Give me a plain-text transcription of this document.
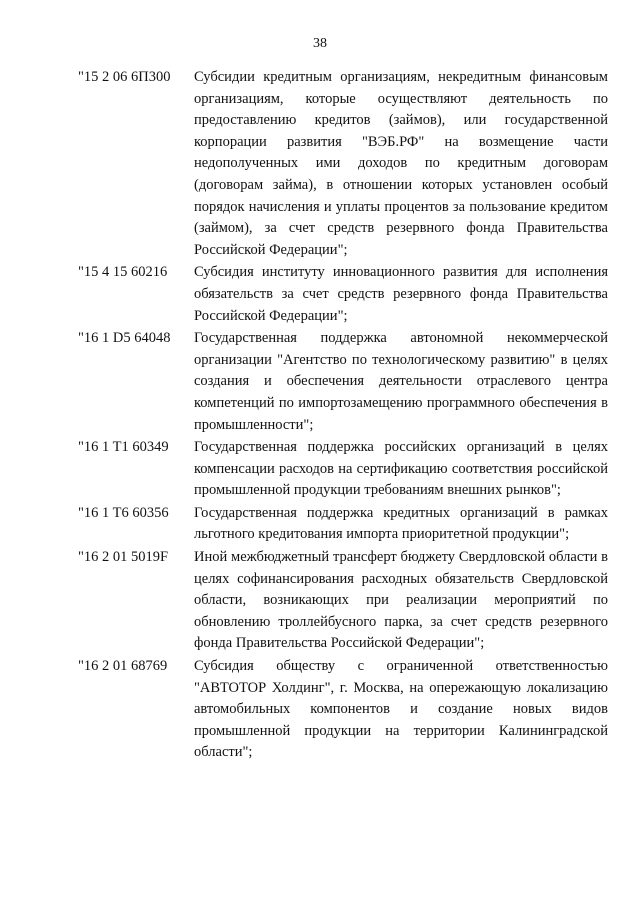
38
"15 2 06 6П300	Субсидии кредитным организациям, некредитным финансовым организациям, которые осуществляют деятельность по предоставлению кредитов (займов), или государственной корпорации развития "ВЭБ.РФ" на возмещение части недополученных ими доходов по кредитным договорам (договорам займа), в отношении которых установлен особый порядок начисления и уплаты процентов за пользование кредитом (займом), за счет средств резервного фонда Правительства Российской Федерации";
"15 4 15 60216	Субсидия институту инновационного развития для исполнения обязательств за счет средств резервного фонда Правительства Российской Федерации";
"16 1 D5 64048	Государственная поддержка автономной некоммерческой организации "Агентство по технологическому развитию" в целях создания и обеспечения деятельности отраслевого центра компетенций по импортозамещению программного обеспечения в промышленности";
"16 1 T1 60349	Государственная поддержка российских организаций в целях компенсации расходов на сертификацию соответствия российской промышленной продукции требованиям внешних рынков";
"16 1 T6 60356	Государственная поддержка кредитных организаций в рамках льготного кредитования импорта приоритетной продукции";
"16 2 01 5019F	Иной межбюджетный трансферт бюджету Свердловской области в целях софинансирования расходных обязательств Свердловской области, возникающих при реализации мероприятий по обновлению троллейбусного парка, за счет средств резервного фонда Правительства Российской Федерации";
"16 2 01 68769	Субсидия обществу с ограниченной ответственностью "АВТОТОР Холдинг", г. Москва, на опережающую локализацию автомобильных компонентов и создание новых видов промышленной продукции на территории Калининградской области";
